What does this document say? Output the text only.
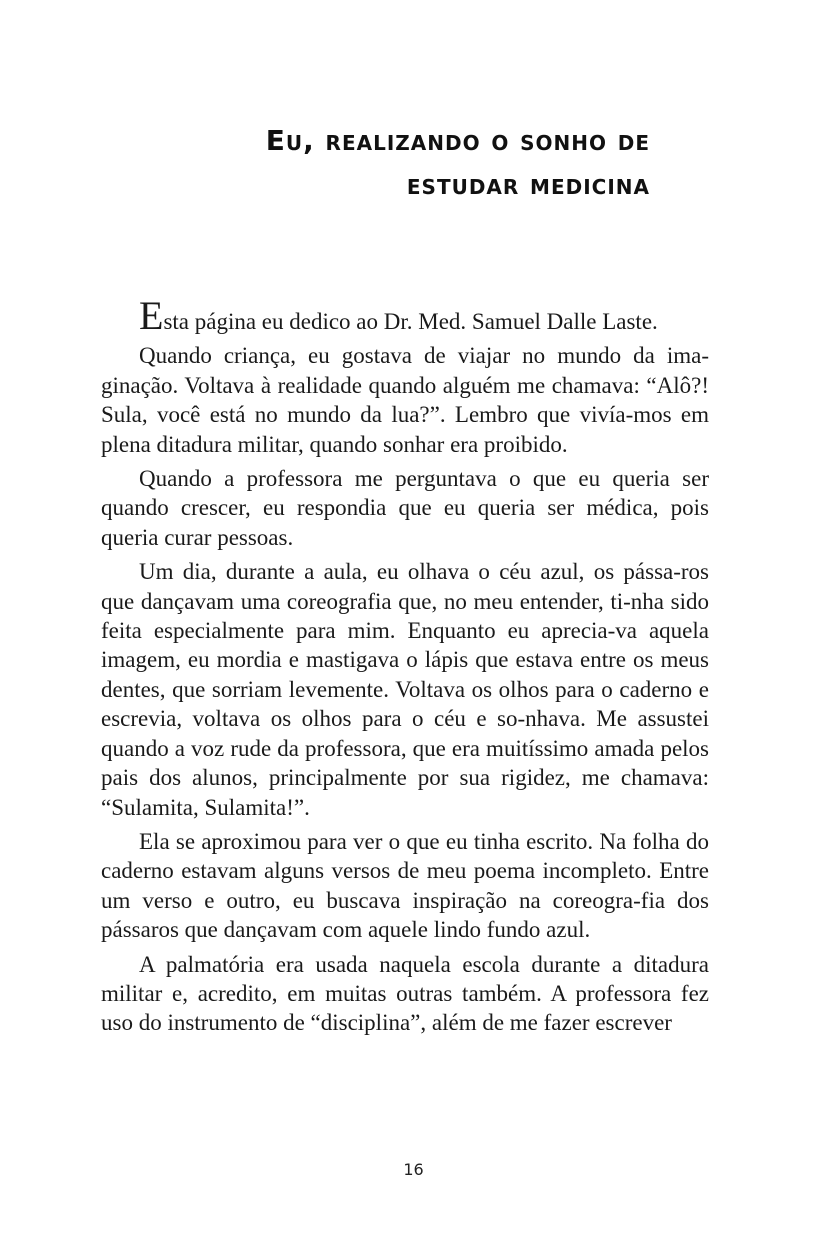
Eu, realizando o sonho de
estudar medicina

Esta página eu dedico ao Dr. Med. Samuel Dalle Laste.

Quando criança, eu gostava de viajar no mundo da ima-ginação. Voltava à realidade quando alguém me chamava: “Alô?! Sula, você está no mundo da lua?”. Lembro que vivía-mos em plena ditadura militar, quando sonhar era proibido.

Quando a professora me perguntava o que eu queria ser quando crescer, eu respondia que eu queria ser médica, pois queria curar pessoas.

Um dia, durante a aula, eu olhava o céu azul, os pássa-ros que dançavam uma coreografia que, no meu entender, ti-nha sido feita especialmente para mim. Enquanto eu aprecia-va aquela imagem, eu mordia e mastigava o lápis que estava entre os meus dentes, que sorriam levemente. Voltava os olhos para o caderno e escrevia, voltava os olhos para o céu e so-nhava. Me assustei quando a voz rude da professora, que era muitíssimo amada pelos pais dos alunos, principalmente por sua rigidez, me chamava: “Sulamita, Sulamita!”.

Ela se aproximou para ver o que eu tinha escrito. Na folha do caderno estavam alguns versos de meu poema incompleto. Entre um verso e outro, eu buscava inspiração na coreogra-fia dos pássaros que dançavam com aquele lindo fundo azul.

A palmatória era usada naquela escola durante a ditadura militar e, acredito, em muitas outras também. A professora fez uso do instrumento de “disciplina”, além de me fazer escrever

16
